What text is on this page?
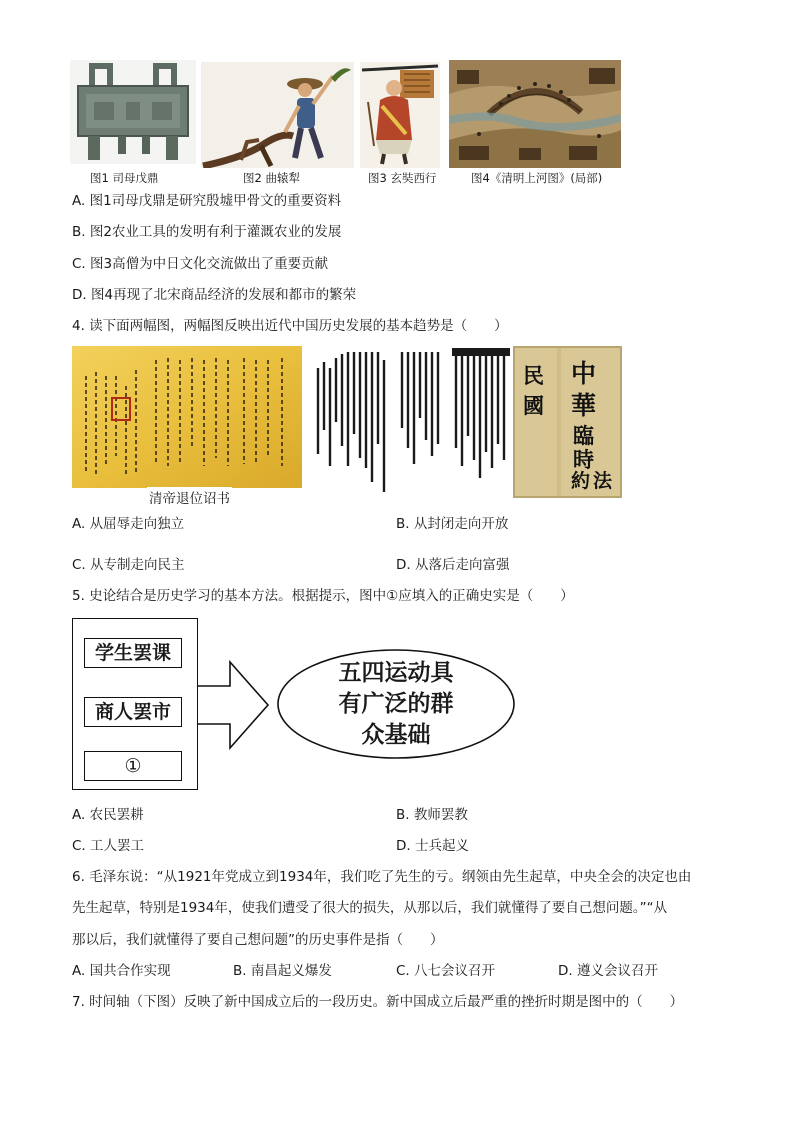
图1 司母戊鼎	图2 曲辕犁	图3 玄奘西行	图4《清明上河图》(局部)
A. 图1司母戊鼎是研究殷墟甲骨文的重要资料
B. 图2农业工具的发明有利于灌溉农业的发展
C. 图3高僧为中日文化交流做出了重要贡献
D. 图4再现了北宋商品经济的发展和都市的繁荣
4. 读下面两幅图，两幅图反映出近代中国历史发展的基本趋势是（　　）
清帝退位诏书
民
國
中
華
臨
時
約 法
A. 从屈辱走向独立	B. 从封闭走向开放
C. 从专制走向民主	D. 从落后走向富强
5. 史论结合是历史学习的基本方法。根据提示，图中①应填入的正确史实是（　　）
学生罢课
商人罢市
①
五四运动具
有广泛的群
众基础
A. 农民罢耕	B. 教师罢教
C. 工人罢工	D. 士兵起义
6. 毛泽东说：“从1921年党成立到1934年，我们吃了先生的亏。纲领由先生起草，中央全会的决定也由
先生起草，特别是1934年，使我们遭受了很大的损失，从那以后，我们就懂得了要自己想问题。”“从
那以后，我们就懂得了要自己想问题”的历史事件是指（　　）
A. 国共合作实现	B. 南昌起义爆发	C. 八七会议召开	D. 遵义会议召开
7. 时间轴（下图）反映了新中国成立后的一段历史。新中国成立后最严重的挫折时期是图中的（　　）
